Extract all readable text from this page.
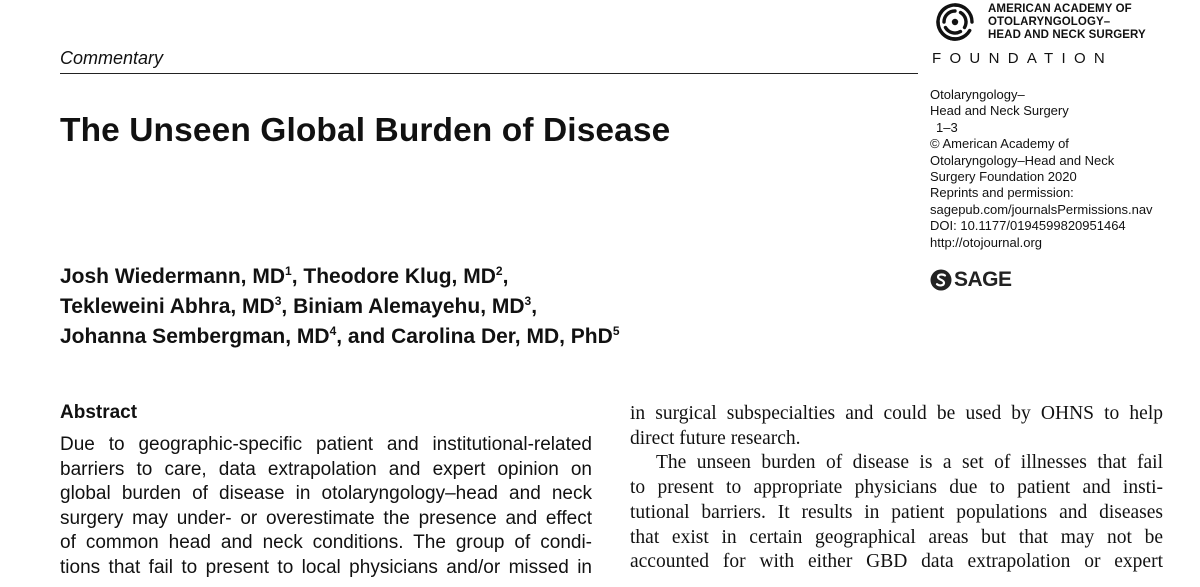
Commentary
AMERICAN ACADEMY OF
OTOLARYNGOLOGY–
HEAD AND NECK SURGERY
FOUNDATION
Otolaryngology–
Head and Neck Surgery
1–3
© American Academy of
Otolaryngology–Head and Neck
Surgery Foundation 2020
Reprints and permission:
sagepub.com/journalsPermissions.nav
DOI: 10.1177/0194599820951464
http://otojournal.org
SAGE
The Unseen Global Burden of Disease
Josh Wiedermann, $MD^1$, Theodore Klug, $MD^2$,
Tekleweini Abhra, $MD^3$, Biniam Alemayehu, $MD^3$,
Johanna Sembergman, $MD^4$, and Carolina Der, MD, PhD$^5$
Abstract
Due to geographic-specific patient and institutional-related
barriers to care, data extrapolation and expert opinion on
global burden of disease in otolaryngology–head and neck
surgery may under- or overestimate the presence and effect
of common head and neck conditions. The group of condi-
tions that fail to present to local physicians and/or missed in
in surgical subspecialties and could be used by OHNS to help
direct future research.
The unseen burden of disease is a set of illnesses that fail
to present to appropriate physicians due to patient and insti-
tutional barriers. It results in patient populations and diseases
that exist in certain geographical areas but that may not be
accounted for with either GBD data extrapolation or expert
